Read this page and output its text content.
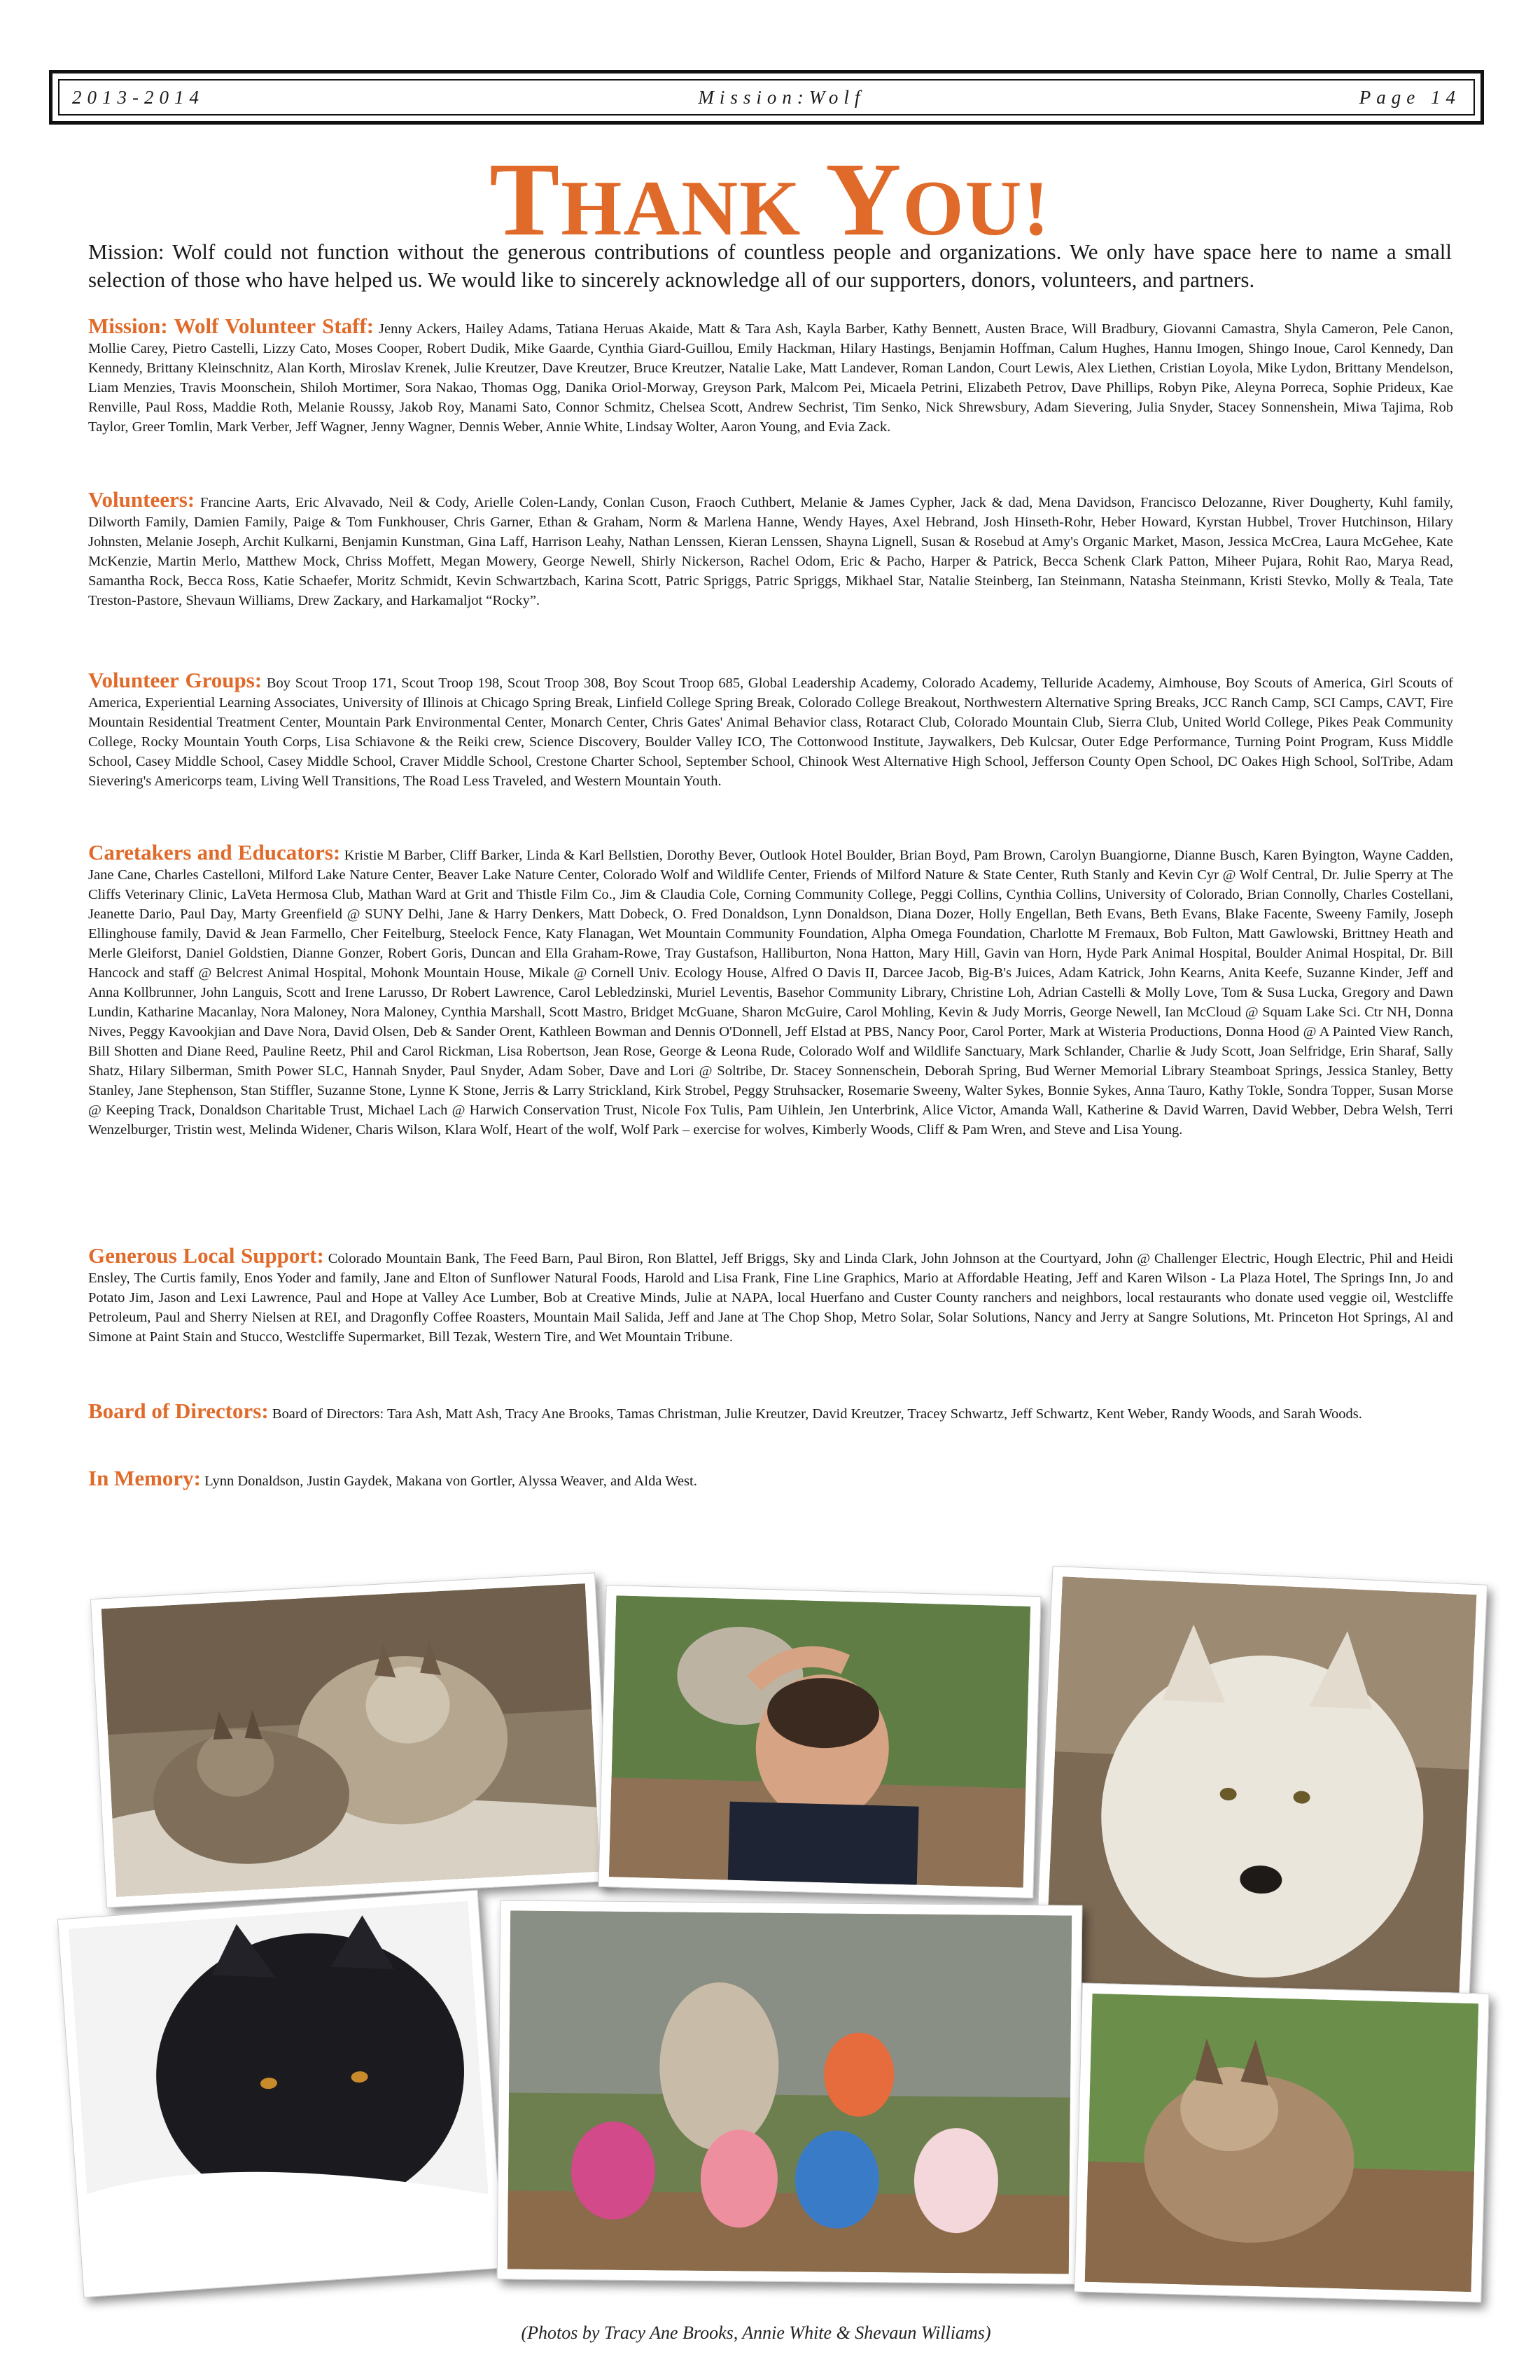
2013-2014	Mission:Wolf	Page 14
THANK YOU!
Mission: Wolf could not function without the generous contributions of countless people and organizations. We only have space here to name a small selection of those who have helped us. We would like to sincerely acknowledge all of our supporters, donors, volunteers, and partners.
Mission: Wolf Volunteer Staff: Jenny Ackers, Hailey Adams, Tatiana Heruas Akaide, Matt & Tara Ash, Kayla Barber, Kathy Bennett, Austen Brace, Will Bradbury, Giovanni Camastra, Shyla Cameron, Pele Canon, Mollie Carey, Pietro Castelli, Lizzy Cato, Moses Cooper, Robert Dudik, Mike Gaarde, Cynthia Giard-Guillou, Emily Hackman, Hilary Hastings, Benjamin Hoffman, Calum Hughes, Hannu Imogen, Shingo Inoue, Carol Kennedy, Dan Kennedy, Brittany Kleinschnitz, Alan Korth, Miroslav Krenek, Julie Kreutzer, Dave Kreutzer, Bruce Kreutzer, Natalie Lake, Matt Landever, Roman Landon, Court Lewis, Alex Liethen, Cristian Loyola, Mike Lydon, Brittany Mendelson, Liam Menzies, Travis Moonschein, Shiloh Mortimer, Sora Nakao, Thomas Ogg, Danika Oriol-Morway, Greyson Park, Malcom Pei, Micaela Petrini, Elizabeth Petrov, Dave Phillips, Robyn Pike, Aleyna Porreca, Sophie Prideux, Kae Renville, Paul Ross, Maddie Roth, Melanie Roussy, Jakob Roy, Manami Sato, Connor Schmitz, Chelsea Scott, Andrew Sechrist, Tim Senko, Nick Shrewsbury, Adam Sievering, Julia Snyder, Stacey Sonnenshein, Miwa Tajima, Rob Taylor, Greer Tomlin, Mark Verber, Jeff Wagner, Jenny Wagner, Dennis Weber, Annie White, Lindsay Wolter, Aaron Young, and Evia Zack.
Volunteers: Francine Aarts, Eric Alvavado, Neil & Cody, Arielle Colen-Landy, Conlan Cuson, Fraoch Cuthbert, Melanie & James Cypher, Jack & dad, Mena Davidson, Francisco Delozanne, River Dougherty, Kuhl family, Dilworth Family, Damien Family, Paige & Tom Funkhouser, Chris Garner, Ethan & Graham, Norm & Marlena Hanne, Wendy Hayes, Axel Hebrand, Josh Hinseth-Rohr, Heber Howard, Kyrstan Hubbel, Trover Hutchinson, Hilary Johnsten, Melanie Joseph, Archit Kulkarni, Benjamin Kunstman, Gina Laff, Harrison Leahy, Nathan Lenssen, Kieran Lenssen, Shayna Lignell, Susan & Rosebud at Amy's Organic Market, Mason, Jessica McCrea, Laura McGehee, Kate McKenzie, Martin Merlo, Matthew Mock, Chriss Moffett, Megan Mowery, George Newell, Shirly Nickerson, Rachel Odom, Eric & Pacho, Harper & Patrick, Becca Schenk Clark Patton, Miheer Pujara, Rohit Rao, Marya Read, Samantha Rock, Becca Ross, Katie Schaefer, Moritz Schmidt, Kevin Schwartzbach, Karina Scott, Patric Spriggs, Patric Spriggs, Mikhael Star, Natalie Steinberg, Ian Steinmann, Natasha Steinmann, Kristi Stevko, Molly & Teala, Tate Treston-Pastore, Shevaun Williams, Drew Zackary, and Harkamaljot “Rocky”.
Volunteer Groups: Boy Scout Troop 171, Scout Troop 198, Scout Troop 308, Boy Scout Troop 685, Global Leadership Academy, Colorado Academy, Telluride Academy, Aimhouse, Boy Scouts of America, Girl Scouts of America, Experiential Learning Associates, University of Illinois at Chicago Spring Break, Linfield College Spring Break, Colorado College Breakout, Northwestern Alternative Spring Breaks, JCC Ranch Camp, SCI Camps, CAVT, Fire Mountain Residential Treatment Center, Mountain Park Environmental Center, Monarch Center, Chris Gates' Animal Behavior class, Rotaract Club, Colorado Mountain Club, Sierra Club, United World College, Pikes Peak Community College, Rocky Mountain Youth Corps, Lisa Schiavone & the Reiki crew, Science Discovery, Boulder Valley ICO, The Cottonwood Institute, Jaywalkers, Deb Kulcsar, Outer Edge Performance, Turning Point Program, Kuss Middle School, Casey Middle School, Casey Middle School, Craver Middle School, Crestone Charter School, September School, Chinook West Alternative High School, Jefferson County Open School, DC Oakes High School, SolTribe, Adam Sievering's Americorps team, Living Well Transitions, The Road Less Traveled, and Western Mountain Youth.
Caretakers and Educators: Kristie M Barber, Cliff Barker, Linda & Karl Bellstien, Dorothy Bever, Outlook Hotel Boulder, Brian Boyd, Pam Brown, Carolyn Buangiorne, Dianne Busch, Karen Byington, Wayne Cadden, Jane Cane, Charles Castelloni, Milford Lake Nature Center, Beaver Lake Nature Center, Colorado Wolf and Wildlife Center, Friends of Milford Nature & State Center, Ruth Stanly and Kevin Cyr @ Wolf Central, Dr. Julie Sperry at The Cliffs Veterinary Clinic, LaVeta Hermosa Club, Mathan Ward at Grit and Thistle Film Co., Jim & Claudia Cole, Corning Community College, Peggi Collins, Cynthia Collins, University of Colorado, Brian Connolly, Charles Costellani, Jeanette Dario, Paul Day, Marty Greenfield @ SUNY Delhi, Jane & Harry Denkers, Matt Dobeck, O. Fred Donaldson, Lynn Donaldson, Diana Dozer, Holly Engellan, Beth Evans, Beth Evans, Blake Facente, Sweeny Family, Joseph Ellinghouse family, David & Jean Farmello, Cher Feitelburg, Steelock Fence, Katy Flanagan, Wet Mountain Community Foundation, Alpha Omega Foundation, Charlotte M Fremaux, Bob Fulton, Matt Gawlowski, Brittney Heath and Merle Gleiforst, Daniel Goldstien, Dianne Gonzer, Robert Goris, Duncan and Ella Graham-Rowe, Tray Gustafson, Halliburton, Nona Hatton, Mary Hill, Gavin van Horn, Hyde Park Animal Hospital, Boulder Animal Hospital, Dr. Bill Hancock and staff @ Belcrest Animal Hospital, Mohonk Mountain House, Mikale @ Cornell Univ. Ecology House, Alfred O Davis II, Darcee Jacob, Big-B's Juices, Adam Katrick, John Kearns, Anita Keefe, Suzanne Kinder, Jeff and Anna Kollbrunner, John Languis, Scott and Irene Larusso, Dr Robert Lawrence, Carol Lebledzinski, Muriel Leventis, Basehor Community Library, Christine Loh, Adrian Castelli & Molly Love, Tom & Susa Lucka, Gregory and Dawn Lundin, Katharine Macanlay, Nora Maloney, Nora Maloney, Cynthia Marshall, Scott Mastro, Bridget McGuane, Sharon McGuire, Carol Mohling, Kevin & Judy Morris, George Newell, Ian McCloud @ Squam Lake Sci. Ctr NH, Donna Nives, Peggy Kavookjian and Dave Nora, David Olsen, Deb & Sander Orent, Kathleen Bowman and Dennis O'Donnell, Jeff Elstad at PBS, Nancy Poor, Carol Porter, Mark at Wisteria Productions, Donna Hood @ A Painted View Ranch, Bill Shotten and Diane Reed, Pauline Reetz, Phil and Carol Rickman, Lisa Robertson, Jean Rose, George & Leona Rude, Colorado Wolf and Wildlife Sanctuary, Mark Schlander, Charlie & Judy Scott, Joan Selfridge, Erin Sharaf, Sally Shatz, Hilary Silberman, Smith Power SLC, Hannah Snyder, Paul Snyder, Adam Sober, Dave and Lori @ Soltribe, Dr. Stacey Sonnenschein, Deborah Spring, Bud Werner Memorial Library Steamboat Springs, Jessica Stanley, Betty Stanley, Jane Stephenson, Stan Stiffler, Suzanne Stone, Lynne K Stone, Jerris & Larry Strickland, Kirk Strobel, Peggy Struhsacker, Rosemarie Sweeny, Walter Sykes, Bonnie Sykes, Anna Tauro, Kathy Tokle, Sondra Topper, Susan Morse @ Keeping Track, Donaldson Charitable Trust, Michael Lach @ Harwich Conservation Trust, Nicole Fox Tulis, Pam Uihlein, Jen Unterbrink, Alice Victor, Amanda Wall, Katherine & David Warren, David Webber, Debra Welsh, Terri Wenzelburger, Tristin west, Melinda Widener, Charis Wilson, Klara Wolf, Heart of the wolf, Wolf Park – exercise for wolves, Kimberly Woods, Cliff & Pam Wren, and Steve and Lisa Young.
Generous Local Support: Colorado Mountain Bank, The Feed Barn, Paul Biron, Ron Blattel, Jeff Briggs, Sky and Linda Clark, John Johnson at the Courtyard, John @ Challenger Electric, Hough Electric, Phil and Heidi Ensley, The Curtis family, Enos Yoder and family, Jane and Elton of Sunflower Natural Foods, Harold and Lisa Frank, Fine Line Graphics, Mario at Affordable Heating, Jeff and Karen Wilson - La Plaza Hotel, The Springs Inn, Jo and Potato Jim, Jason and Lexi Lawrence, Paul and Hope at Valley Ace Lumber, Bob at Creative Minds, Julie at NAPA, local Huerfano and Custer County ranchers and neighbors, local restaurants who donate used veggie oil, Westcliffe Petroleum, Paul and Sherry Nielsen at REI, and Dragonfly Coffee Roasters, Mountain Mail Salida, Jeff and Jane at The Chop Shop, Metro Solar, Solar Solutions, Nancy and Jerry at Sangre Solutions, Mt. Princeton Hot Springs, Al and Simone at Paint Stain and Stucco, Westcliffe Supermarket, Bill Tezak, Western Tire, and Wet Mountain Tribune.
Board of Directors: Board of Directors: Tara Ash, Matt Ash, Tracy Ane Brooks, Tamas Christman, Julie Kreutzer, David Kreutzer, Tracey Schwartz, Jeff Schwartz, Kent Weber, Randy Woods, and Sarah Woods.
In Memory: Lynn Donaldson, Justin Gaydek, Makana von Gortler, Alyssa Weaver, and Alda West.
(Photos by Tracy Ane Brooks, Annie White & Shevaun Williams)
